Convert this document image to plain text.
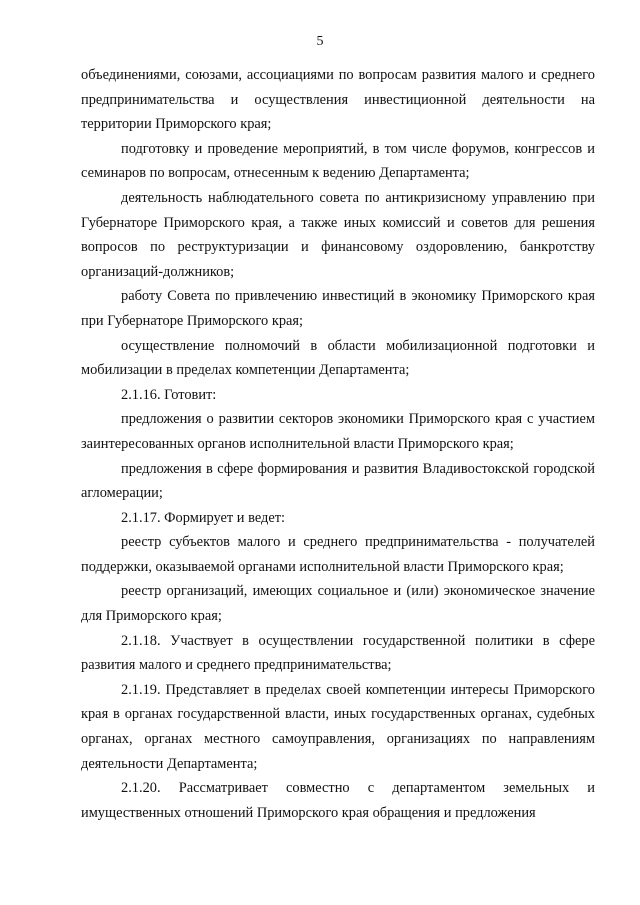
5

объединениями, союзами, ассоциациями по вопросам развития малого и среднего предпринимательства и осуществления инвестиционной деятельности на территории Приморского края;

подготовку и проведение мероприятий, в том числе форумов, конгрессов и семинаров по вопросам, отнесенным к ведению Департамента;

деятельность наблюдательного совета по антикризисному управлению при Губернаторе Приморского края, а также иных комиссий и советов для решения вопросов по реструктуризации и финансовому оздоровлению, банкротству организаций-должников;

работу Совета по привлечению инвестиций в экономику Приморского края при Губернаторе Приморского края;

осуществление полномочий в области мобилизационной подготовки и мобилизации в пределах компетенции Департамента;

2.1.16. Готовит:

предложения о развитии секторов экономики Приморского края с участием заинтересованных органов исполнительной власти Приморского края;

предложения в сфере формирования и развития Владивостокской городской агломерации;

2.1.17. Формирует и ведет:

реестр субъектов малого и среднего предпринимательства - получателей поддержки, оказываемой органами исполнительной власти Приморского края;

реестр организаций, имеющих социальное и (или) экономическое значение для Приморского края;

2.1.18. Участвует в осуществлении государственной политики в сфере развития малого и среднего предпринимательства;

2.1.19. Представляет в пределах своей компетенции интересы Приморского края в органах государственной власти, иных государственных органах, судебных органах, органах местного самоуправления, организациях по направлениям деятельности Департамента;

2.1.20. Рассматривает совместно с департаментом земельных и имущественных отношений Приморского края обращения и предложения
